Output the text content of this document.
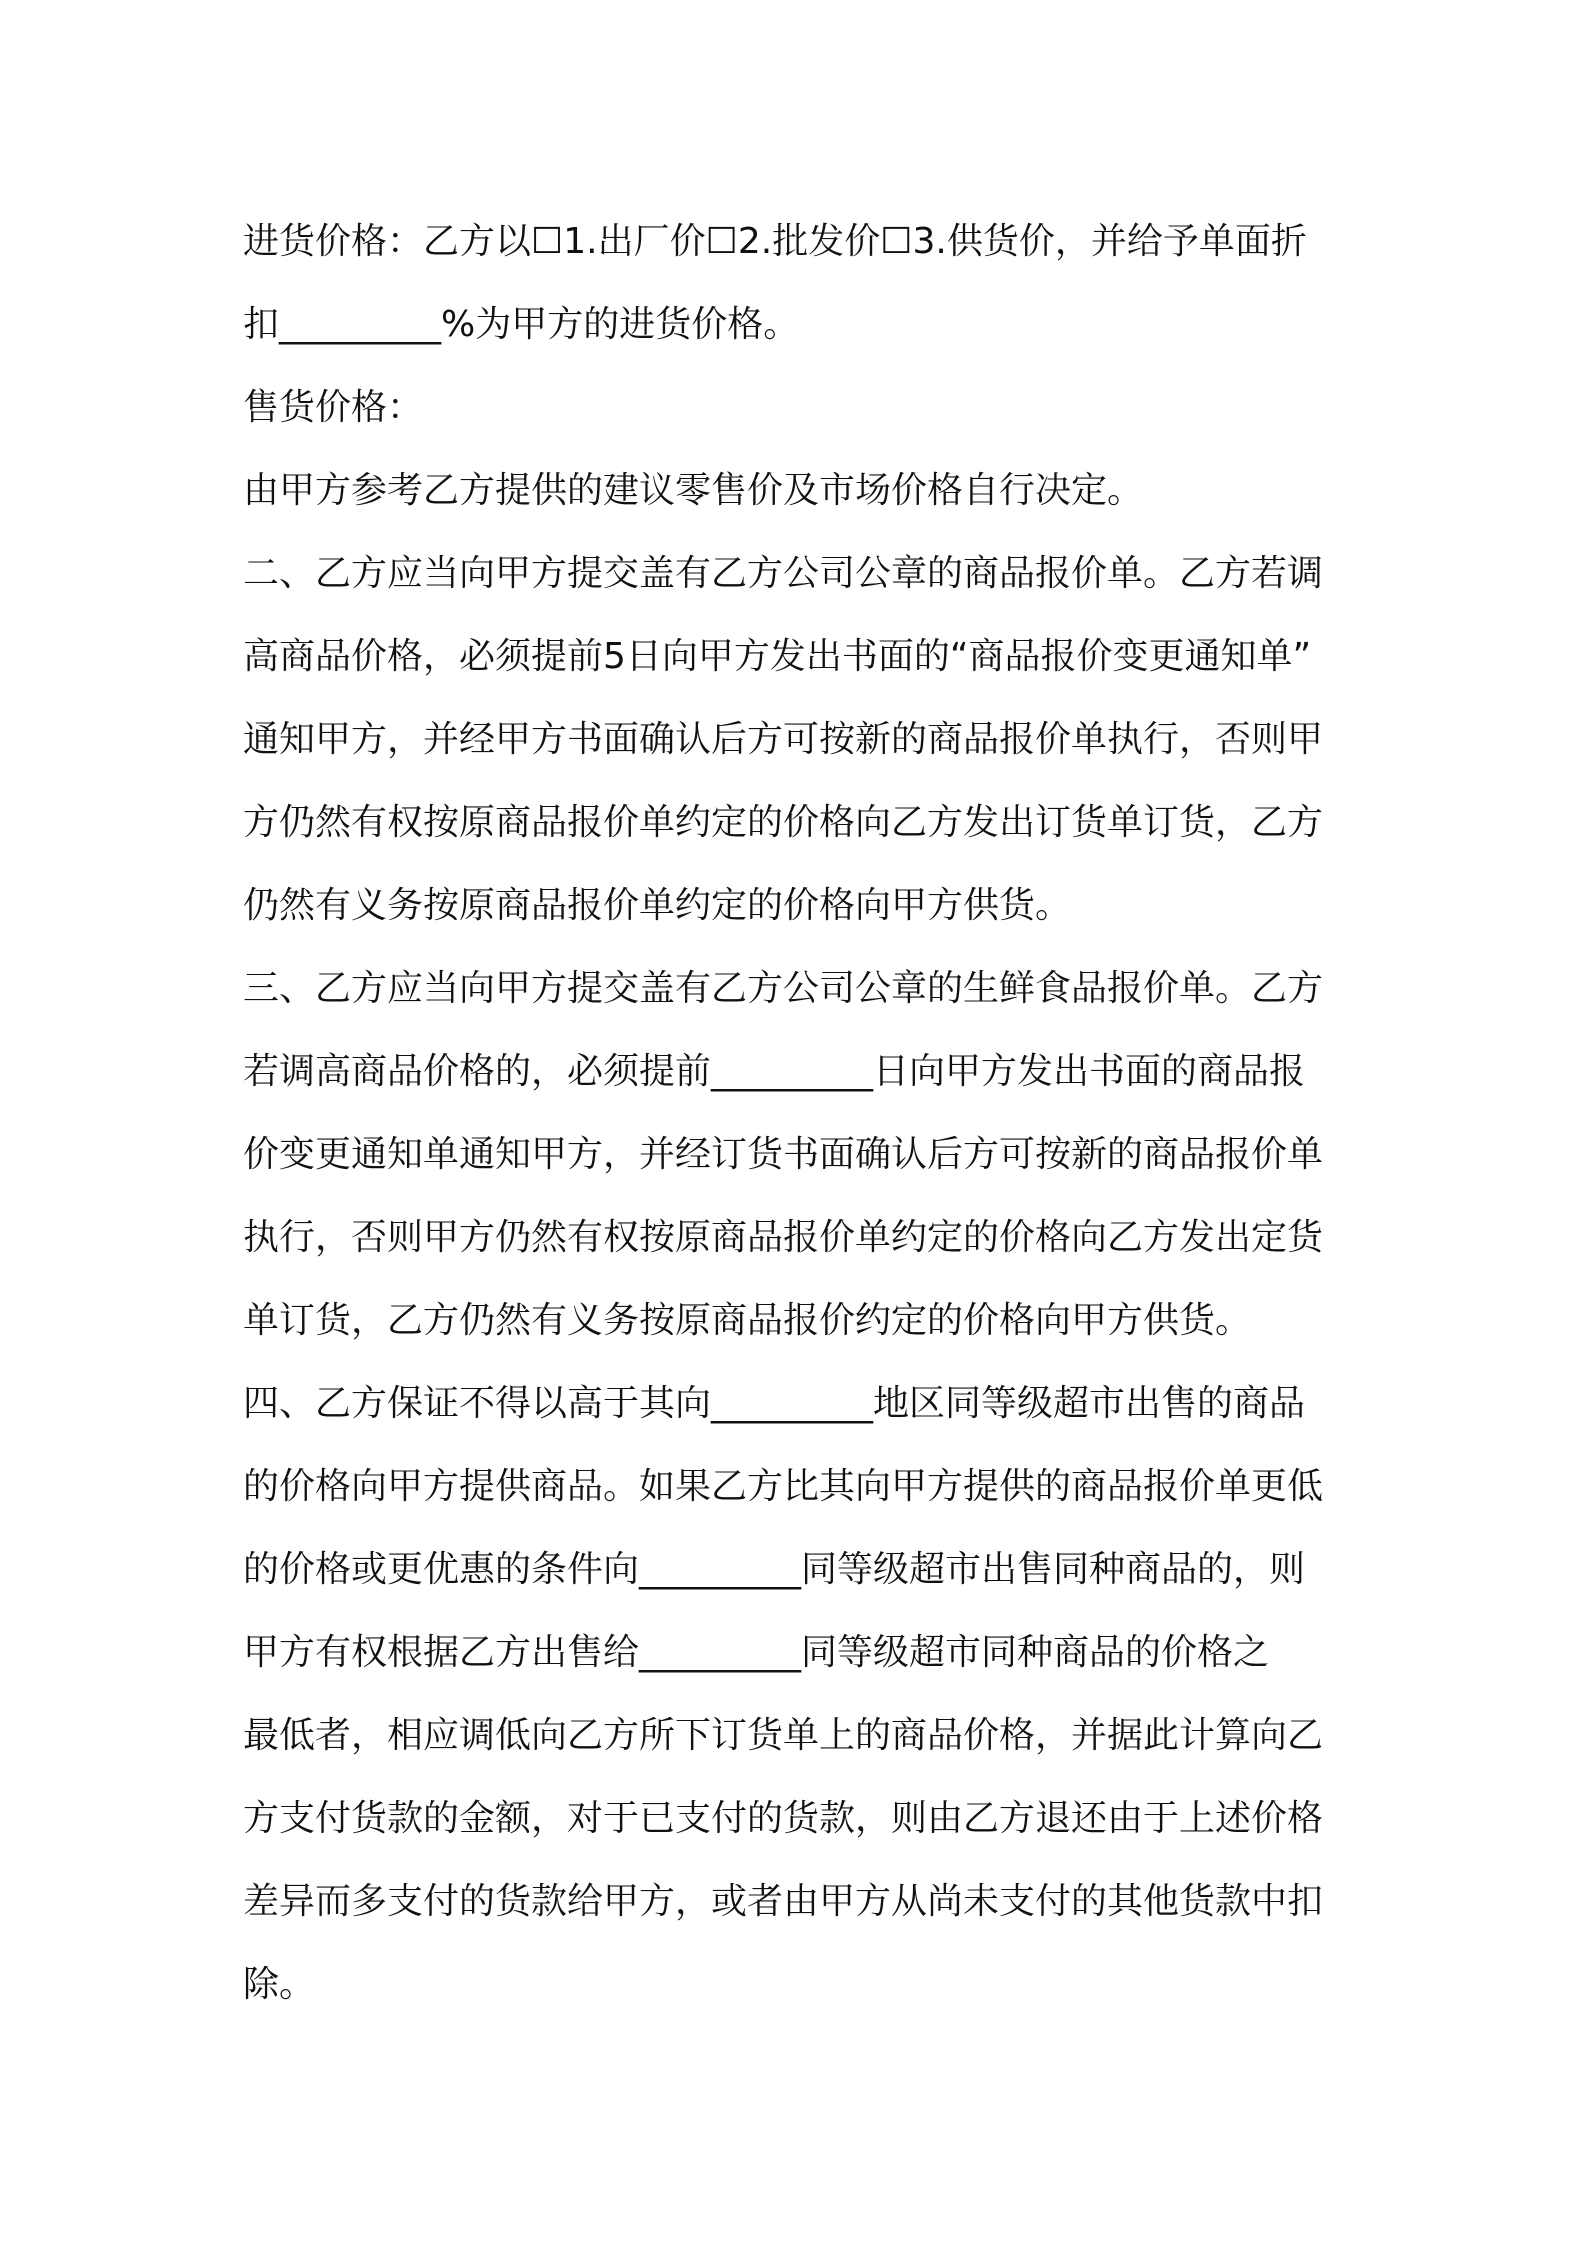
进货价格：乙方以☐1.出厂价☐2.批发价☐3.供货价，并给予单面折
扣_________%为甲方的进货价格。
售货价格：
由甲方参考乙方提供的建议零售价及市场价格自行决定。
二、乙方应当向甲方提交盖有乙方公司公章的商品报价单。乙方若调
高商品价格，必须提前5日向甲方发出书面的“商品报价变更通知单”
通知甲方，并经甲方书面确认后方可按新的商品报价单执行，否则甲
方仍然有权按原商品报价单约定的价格向乙方发出订货单订货，乙方
仍然有义务按原商品报价单约定的价格向甲方供货。
三、乙方应当向甲方提交盖有乙方公司公章的生鲜食品报价单。乙方
若调高商品价格的，必须提前_________日向甲方发出书面的商品报
价变更通知单通知甲方，并经订货书面确认后方可按新的商品报价单
执行，否则甲方仍然有权按原商品报价单约定的价格向乙方发出定货
单订货，乙方仍然有义务按原商品报价约定的价格向甲方供货。
四、乙方保证不得以高于其向_________地区同等级超市出售的商品
的价格向甲方提供商品。如果乙方比其向甲方提供的商品报价单更低
的价格或更优惠的条件向_________同等级超市出售同种商品的，则
甲方有权根据乙方出售给_________同等级超市同种商品的价格之
最低者，相应调低向乙方所下订货单上的商品价格，并据此计算向乙
方支付货款的金额，对于已支付的货款，则由乙方退还由于上述价格
差异而多支付的货款给甲方，或者由甲方从尚未支付的其他货款中扣
除。
